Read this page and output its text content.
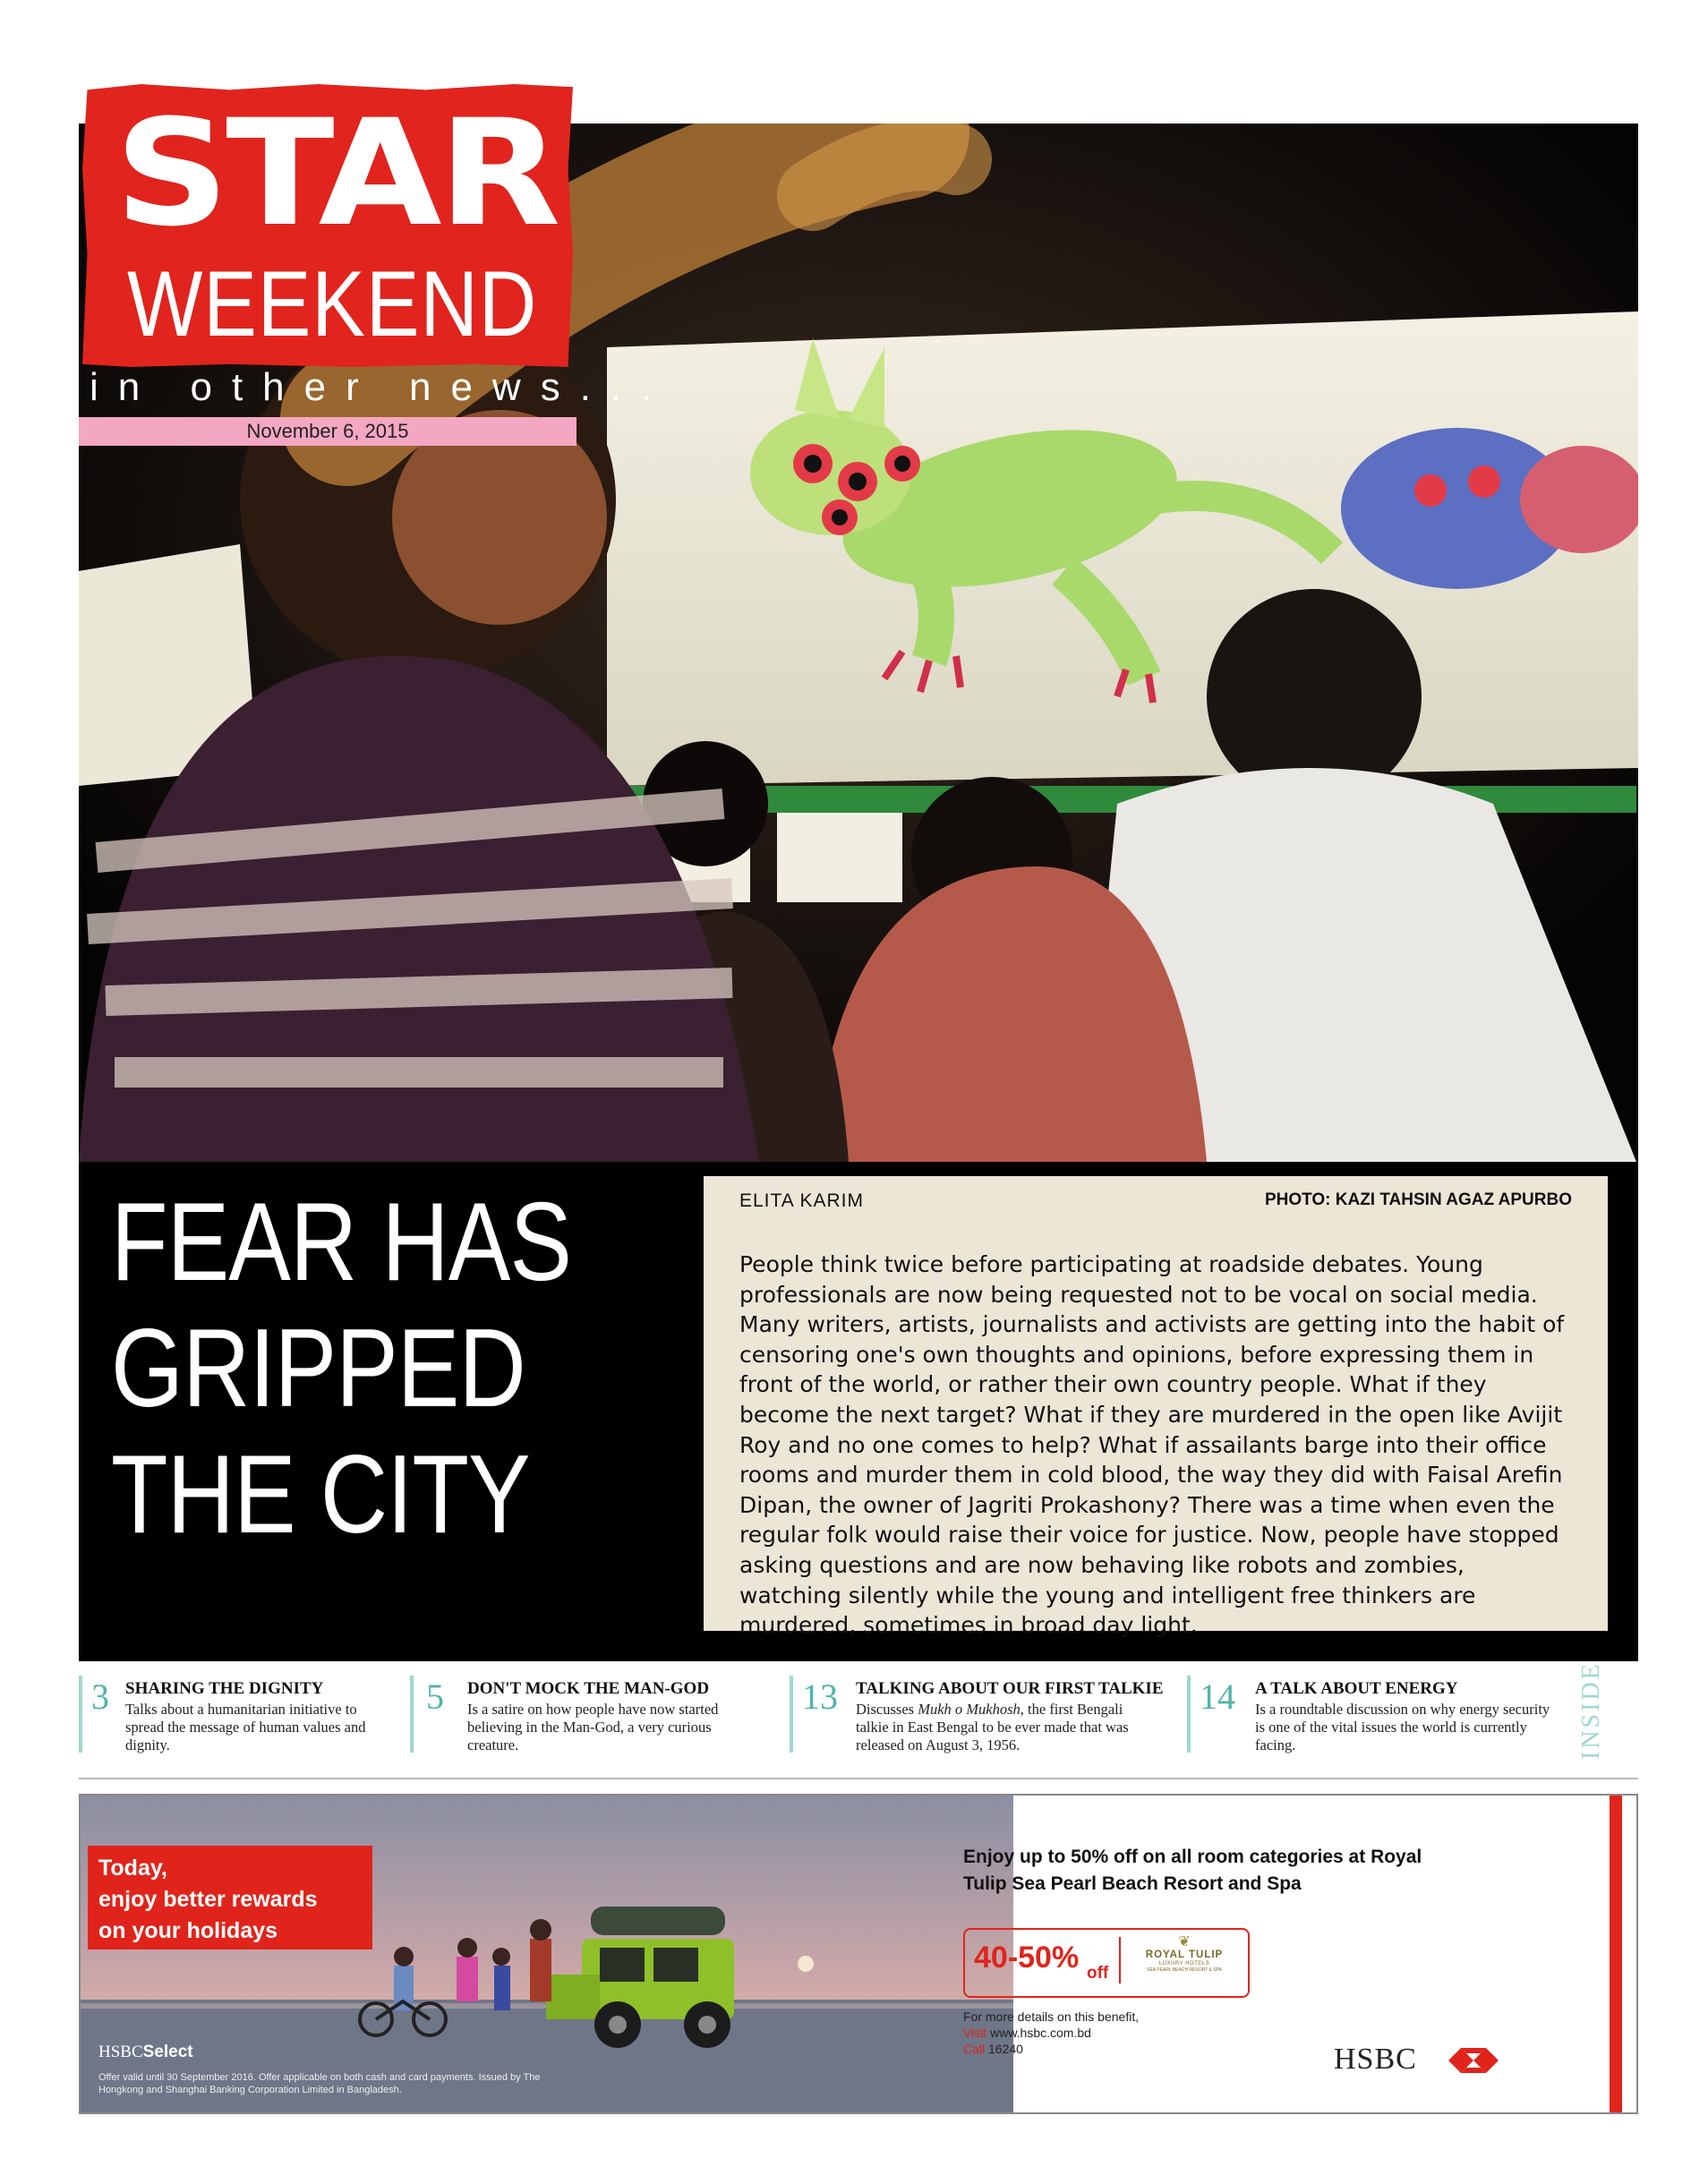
STAR
WEEKEND
in other news...
November 6, 2015
FEAR HAS
GRIPPED
THE CITY
ELITA KARIM	PHOTO: KAZI TAHSIN AGAZ APURBO
People think twice before participating at roadside debates. Young professionals are now being requested not to be vocal on social media. Many writers, artists, journalists and activists are getting into the habit of censoring one's own thoughts and opinions, before expressing them in front of the world, or rather their own country people. What if they become the next target? What if they are murdered in the open like Avijit Roy and no one comes to help? What if assailants barge into their office rooms and murder them in cold blood, the way they did with Faisal Arefin Dipan, the owner of Jagriti Prokashony? There was a time when even the regular folk would raise their voice for justice. Now, people have stopped asking questions and are now behaving like robots and zombies, watching silently while the young and intelligent free thinkers are murdered, sometimes in broad day light.
3 SHARING THE DIGNITY
Talks about a humanitarian initiative to spread the message of human values and dignity.
5 DON'T MOCK THE MAN-GOD
Is a satire on how people have now started believing in the Man-God, a very curious creature.
13 TALKING ABOUT OUR FIRST TALKIE
Discusses Mukh o Mukhosh, the first Bengali talkie in East Bengal to be ever made that was released on August 3, 1956.
14 A TALK ABOUT ENERGY
Is a roundtable discussion on why energy security is one of the vital issues the world is currently facing.	INSIDE
Today,
enjoy better rewards
on your holidays
HSBCSelect
Offer valid until 30 September 2016. Offer applicable on both cash and card payments. Issued by The Hongkong and Shanghai Banking Corporation Limited in Bangladesh.
Enjoy up to 50% off on all room categories at Royal Tulip Sea Pearl Beach Resort and Spa
40-50% off
❦
ROYAL TULIP
LUXURY HOTELS
SEA PEARL BEACH RESORT & SPA
For more details on this benefit,
Visit www.hsbc.com.bd
Call 16240	HSBC
